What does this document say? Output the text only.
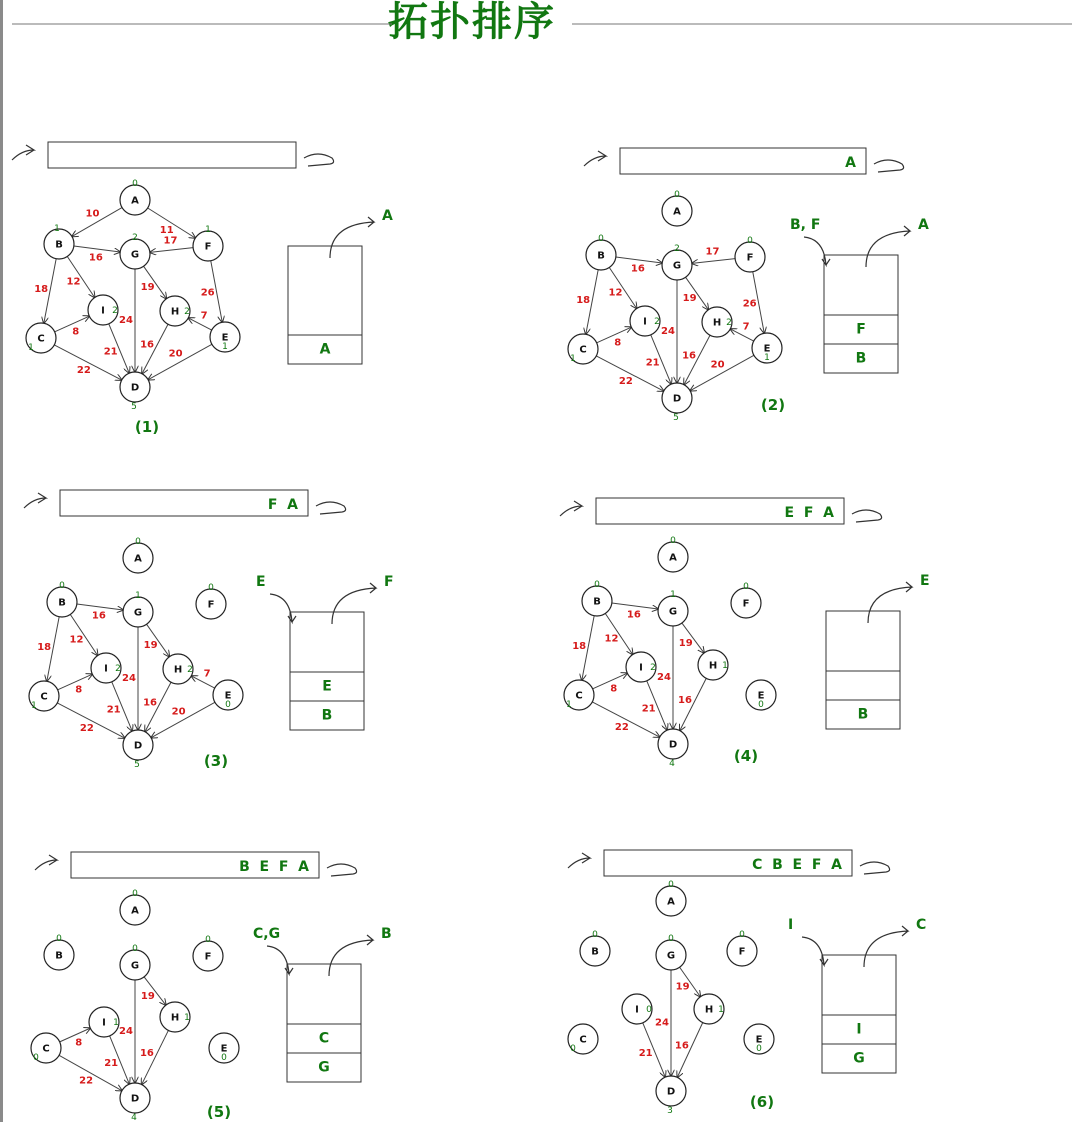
拓扑排序
10
11
16
17
18
12
19	26
24
8
7
21
16
22
20
A
0
B
1
G
2
F
1
I 2	H 2
C
1
E
1
D
5
A
A
(1)
A
16
17
18
12
19	26
24
8
7
21
16
22
20
A
0
B
0
G
2
F
0
I 2	H 2
C
1
E
1
D
5
F
B
B, F	A
(2)
F  A
16
18
12
19
24
8
7
21
16
22
20
A
0
B
0
G
1
F
0
I 2	H 2
C
1
E
0
D
5
E
B
E	F
(3)
E  F  A
16
18
12	19
24
8
21
16
22
A
0
B
0
G
1
F
0
I 2	H 1
C
1
E
0
D
4
B
E
(4)
B  E  F  A
19
24
8
21
16
22
A
0
B
0
G
0
F
0
I 1	H 1
C
0
E
0
D
4
C
G
C,G	B
(5)
C  B  E  F  A
19
24
21
16
A
0
B
0
G
0
F
0
I 0	H 1
C
0
E
0
D
3
I
G
I	C
(6)
